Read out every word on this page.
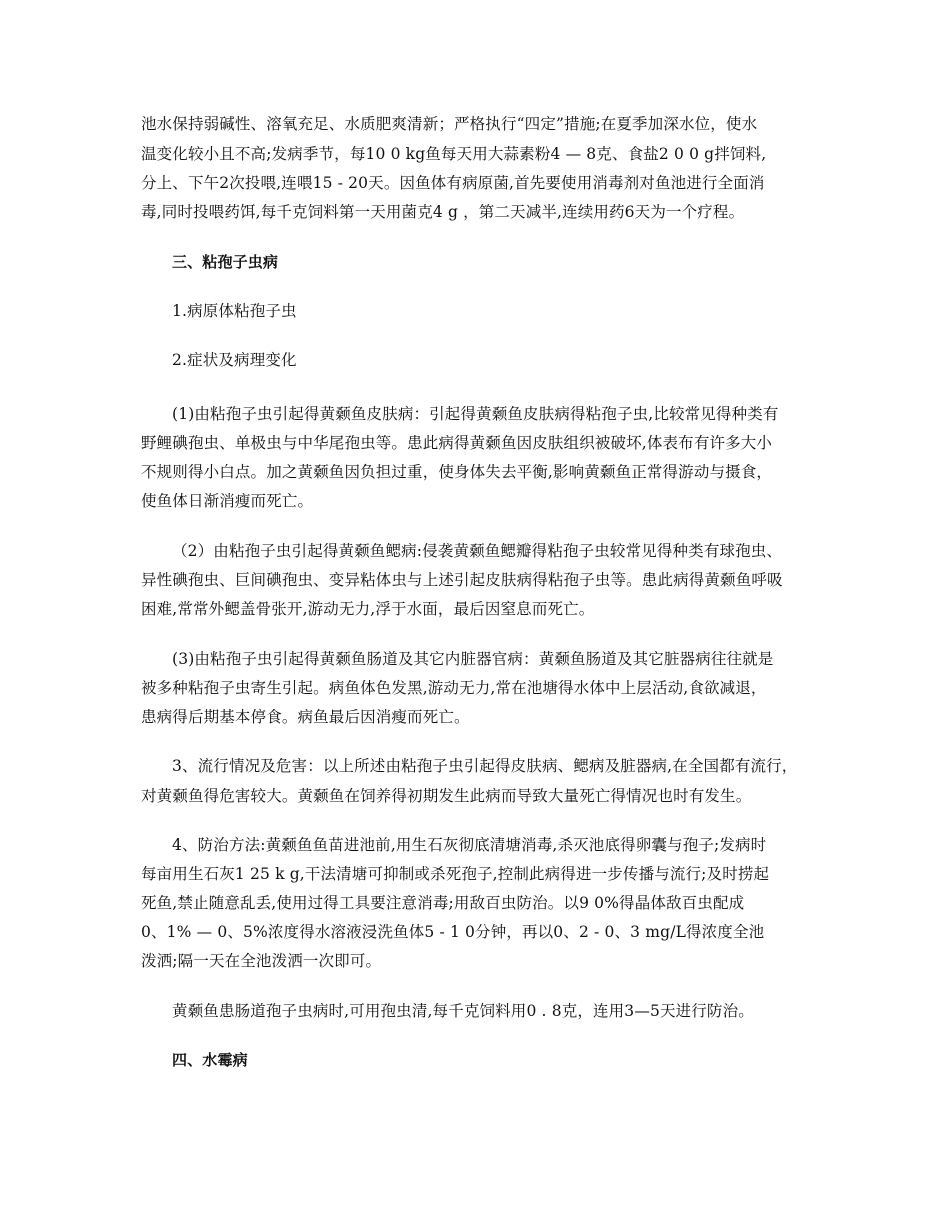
池水保持弱碱性、溶氧充足、水质肥爽清新；严格执行“四定”措施;在夏季加深水位，使水
温变化较小且不高;发病季节，每10 0 kg鱼每天用大蒜素粉4 — 8克、食盐2 0 0 g拌饲料,
分上、下午2次投喂,连喂15 - 20天。因鱼体有病原菌,首先要使用消毒剂对鱼池进行全面消
毒,同时投喂药饵,每千克饲料第一天用菌克4 g ，第二天减半,连续用药6天为一个疗程。
三、粘孢子虫病
1.病原体粘孢子虫
2.症状及病理变化
(1)由粘孢子虫引起得黄颡鱼皮肤病：引起得黄颡鱼皮肤病得粘孢子虫,比较常见得种类有
野鲤碘孢虫、单极虫与中华尾孢虫等。患此病得黄颡鱼因皮肤组织被破坏,体表布有许多大小
不规则得小白点。加之黄颡鱼因负担过重，使身体失去平衡,影响黄颡鱼正常得游动与摄食，
使鱼体日渐消瘦而死亡。
（2）由粘孢子虫引起得黄颡鱼鳃病:侵袭黄颡鱼鳃瓣得粘孢子虫较常见得种类有球孢虫、
异性碘孢虫、巨间碘孢虫、变异粘体虫与上述引起皮肤病得粘孢子虫等。患此病得黄颡鱼呼吸
困难,常常外鳃盖骨张开,游动无力,浮于水面，最后因窒息而死亡。
(3)由粘孢子虫引起得黄颡鱼肠道及其它内脏器官病：黄颡鱼肠道及其它脏器病往往就是
被多种粘孢子虫寄生引起。病鱼体色发黑,游动无力,常在池塘得水体中上层活动,食欲减退，
患病得后期基本停食。病鱼最后因消瘦而死亡。
3、流行情况及危害：以上所述由粘孢子虫引起得皮肤病、鳃病及脏器病,在全国都有流行，
对黄颡鱼得危害较大。黄颡鱼在饲养得初期发生此病而导致大量死亡得情况也时有发生。
4、防治方法:黄颡鱼鱼苗进池前,用生石灰彻底清塘消毒,杀灭池底得卵囊与孢子;发病时
每亩用生石灰1 25 k g,干法清塘可抑制或杀死孢子,控制此病得进一步传播与流行;及时捞起
死鱼,禁止随意乱丢,使用过得工具要注意消毒;用敌百虫防治。以9 0%得晶体敌百虫配成
0、1% — 0、5%浓度得水溶液浸洗鱼体5 - 1 0分钟，再以0、2 - 0、3 mg/L得浓度全池
泼洒;隔一天在全池泼洒一次即可。
黄颡鱼患肠道孢子虫病时,可用孢虫清,每千克饲料用0 . 8克，连用3—5天进行防治。
四、水霉病
